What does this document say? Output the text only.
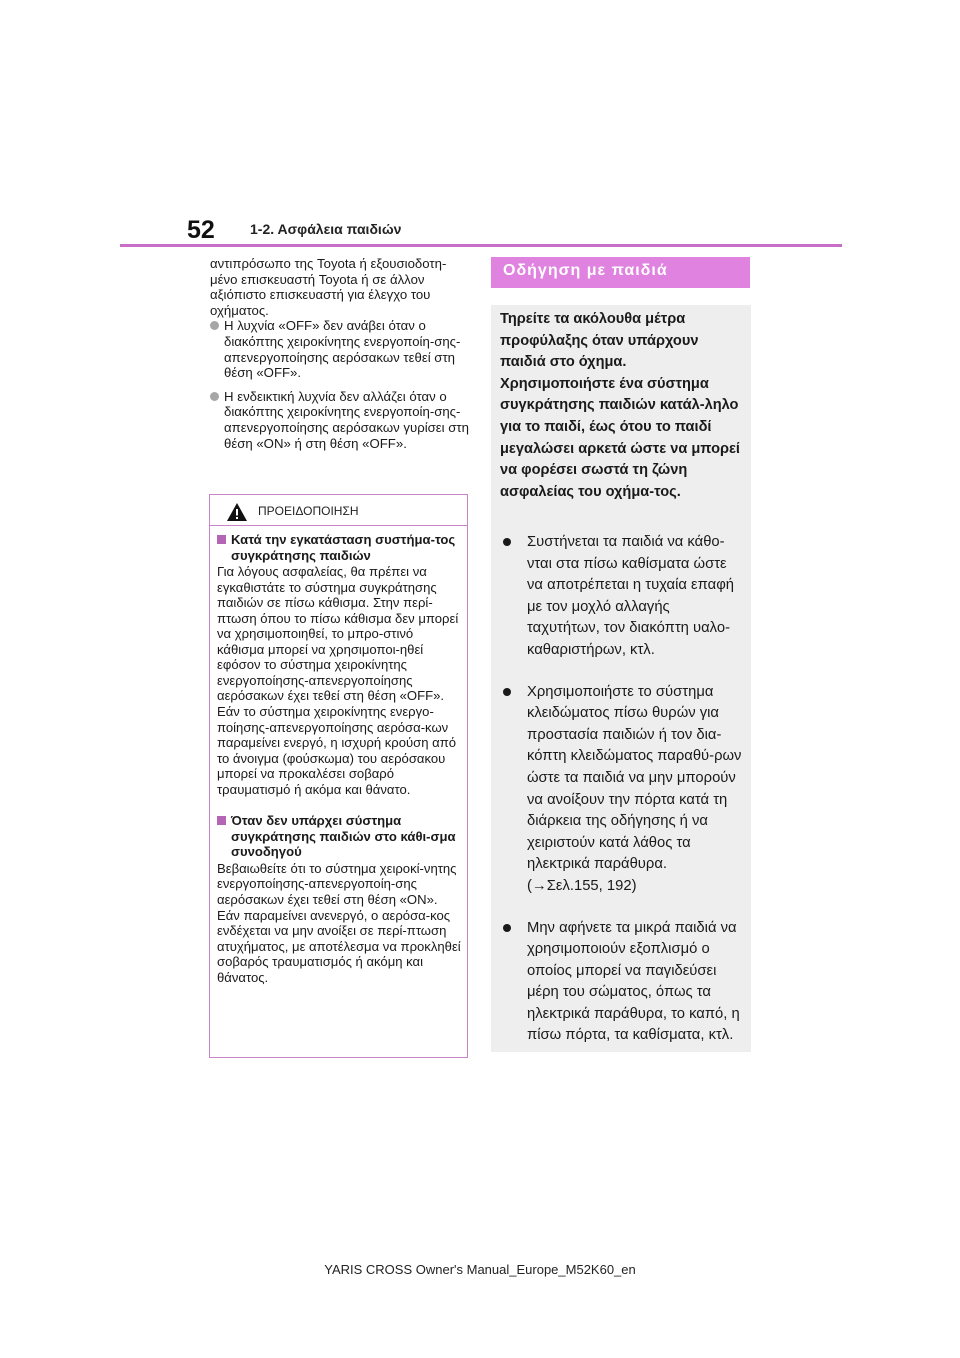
52	1-2. Ασφάλεια παιδιών

αντιπρόσωπο της Toyota ή εξουσιοδοτη-μένο επισκευαστή Toyota ή σε άλλον αξιόπιστο επισκευαστή για έλεγχο του οχήματος.

Η λυχνία «OFF» δεν ανάβει όταν ο διακόπτης χειροκίνητης ενεργοποίη-σης-απενεργοποίησης αερόσακων τεθεί στη θέση «OFF».
Η ενδεικτική λυχνία δεν αλλάζει όταν ο διακόπτης χειροκίνητης ενεργοποίη-σης-απενεργοποίησης αερόσακων γυρίσει στη θέση «ON» ή στη θέση «OFF».
ΠΡΟΕΙΔΟΠΟΙΗΣΗ
Κατά την εγκατάσταση συστήμα-τος συγκράτησης παιδιών

Για λόγους ασφαλείας, θα πρέπει να εγκαθιστάτε το σύστημα συγκράτησης παιδιών σε πίσω κάθισμα. Στην περί-πτωση όπου το πίσω κάθισμα δεν μπορεί να χρησιμοποιηθεί, το μπρο-στινό κάθισμα μπορεί να χρησιμοποι-ηθεί εφόσον το σύστημα χειροκίνητης ενεργοποίησης-απενεργοποίησης αερόσακων έχει τεθεί στη θέση «OFF».
Εάν το σύστημα χειροκίνητης ενεργο-ποίησης-απενεργοποίησης αερόσα-κων παραμείνει ενεργό, η ισχυρή κρούση από το άνοιγμα (φούσκωμα) του αερόσακου μπορεί να προκαλέσει σοβαρό τραυματισμό ή ακόμα και θάνατο.

Όταν δεν υπάρχει σύστημα συγκράτησης παιδιών στο κάθι-σμα συνοδηγού

Βεβαιωθείτε ότι το σύστημα χειροκί-νητης ενεργοποίησης-απενεργοποίη-σης αερόσακων έχει τεθεί στη θέση «ON».
Εάν παραμείνει ανενεργό, ο αερόσα-κος ενδέχεται να μην ανοίξει σε περί-πτωση ατυχήματος, με αποτέλεσμα να προκληθεί σοβαρός τραυματισμός ή ακόμη και θάνατος.

Οδήγηση με παιδιά
Τηρείτε τα ακόλουθα μέτρα προφύλαξης όταν υπάρχουν παιδιά στο όχημα. Χρησιμοποιήστε ένα σύστημα συγκράτησης παιδιών κατάλ-ληλο για το παιδί, έως ότου το παιδί μεγαλώσει αρκετά ώστε να μπορεί να φορέσει σωστά τη ζώνη ασφαλείας του οχήμα-τος.
Συστήνεται τα παιδιά να κάθο-νται στα πίσω καθίσματα ώστε να αποτρέπεται η τυχαία επαφή με τον μοχλό αλλαγής ταχυτήτων, τον διακόπτη υαλο-καθαριστήρων, κτλ.
Χρησιμοποιήστε το σύστημα κλειδώματος πίσω θυρών για προστασία παιδιών ή τον δια-κόπτη κλειδώματος παραθύ-ρων ώστε τα παιδιά να μην μπορούν να ανοίξουν την πόρτα κατά τη διάρκεια της οδήγησης ή να χειριστούν κατά λάθος τα ηλεκτρικά παράθυρα. (→Σελ.155, 192)
Μην αφήνετε τα μικρά παιδιά να χρησιμοποιούν εξοπλισμό ο οποίος μπορεί να παγιδεύσει μέρη του σώματος, όπως τα ηλεκτρικά παράθυρα, το καπό, η πίσω πόρτα, τα καθίσματα, κτλ.
YARIS CROSS Owner's Manual_Europe_M52K60_en
